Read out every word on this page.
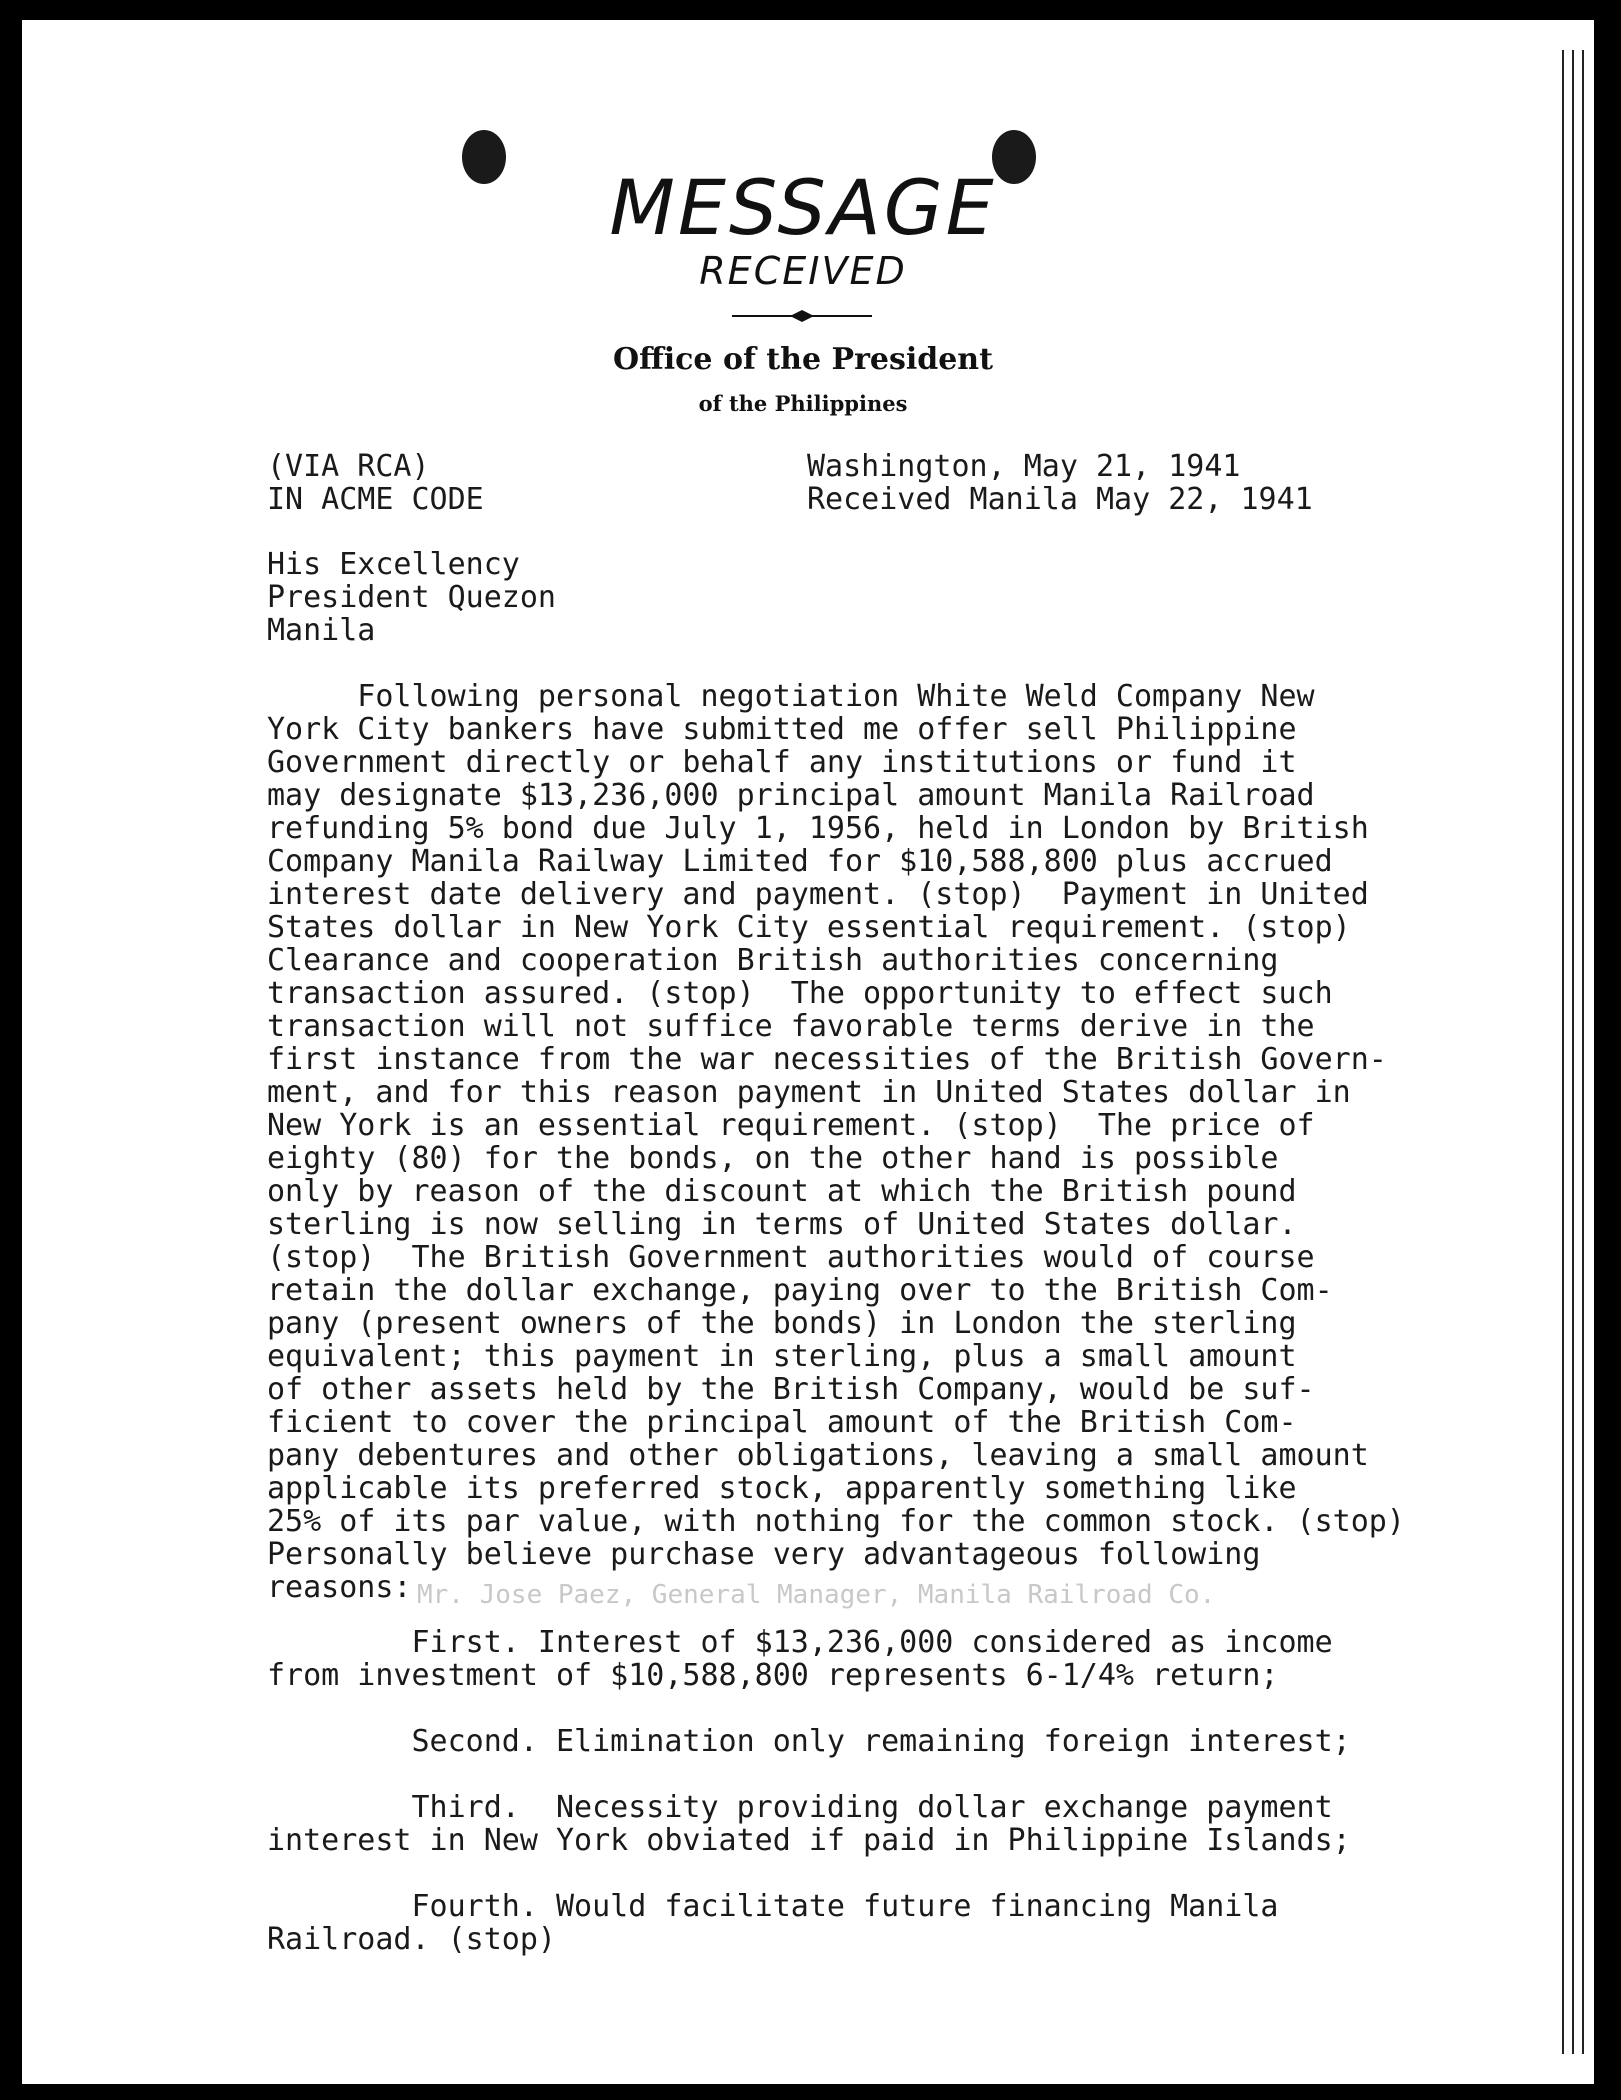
MESSAGE
RECEIVED
Office of the President
of the Philippines
(VIA RCA)
IN ACME CODE
Washington, May 21, 1941
Received Manila May 22, 1941
His Excellency
President Quezon
Manila
Mr. Jose Paez, General Manager, Manila Railroad Co.
Following personal negotiation White Weld Company New
York City bankers have submitted me offer sell Philippine
Government directly or behalf any institutions or fund it
may designate $13,236,000 principal amount Manila Railroad
refunding 5% bond due July 1, 1956, held in London by British
Company Manila Railway Limited for $10,588,800 plus accrued
interest date delivery and payment. (stop)  Payment in United
States dollar in New York City essential requirement. (stop)
Clearance and cooperation British authorities concerning
transaction assured. (stop)  The opportunity to effect such
transaction will not suffice favorable terms derive in the
first instance from the war necessities of the British Govern-
ment, and for this reason payment in United States dollar in
New York is an essential requirement. (stop)  The price of
eighty (80) for the bonds, on the other hand is possible
only by reason of the discount at which the British pound
sterling is now selling in terms of United States dollar.
(stop)  The British Government authorities would of course
retain the dollar exchange, paying over to the British Com-
pany (present owners of the bonds) in London the sterling
equivalent; this payment in sterling, plus a small amount
of other assets held by the British Company, would be suf-
ficient to cover the principal amount of the British Com-
pany debentures and other obligations, leaving a small amount
applicable its preferred stock, apparently something like
25% of its par value, with nothing for the common stock. (stop)
Personally believe purchase very advantageous following
reasons:
First. Interest of $13,236,000 considered as income
from investment of $10,588,800 represents 6-1/4% return;
Second. Elimination only remaining foreign interest;
Third.  Necessity providing dollar exchange payment
interest in New York obviated if paid in Philippine Islands;
Fourth. Would facilitate future financing Manila
Railroad. (stop)
